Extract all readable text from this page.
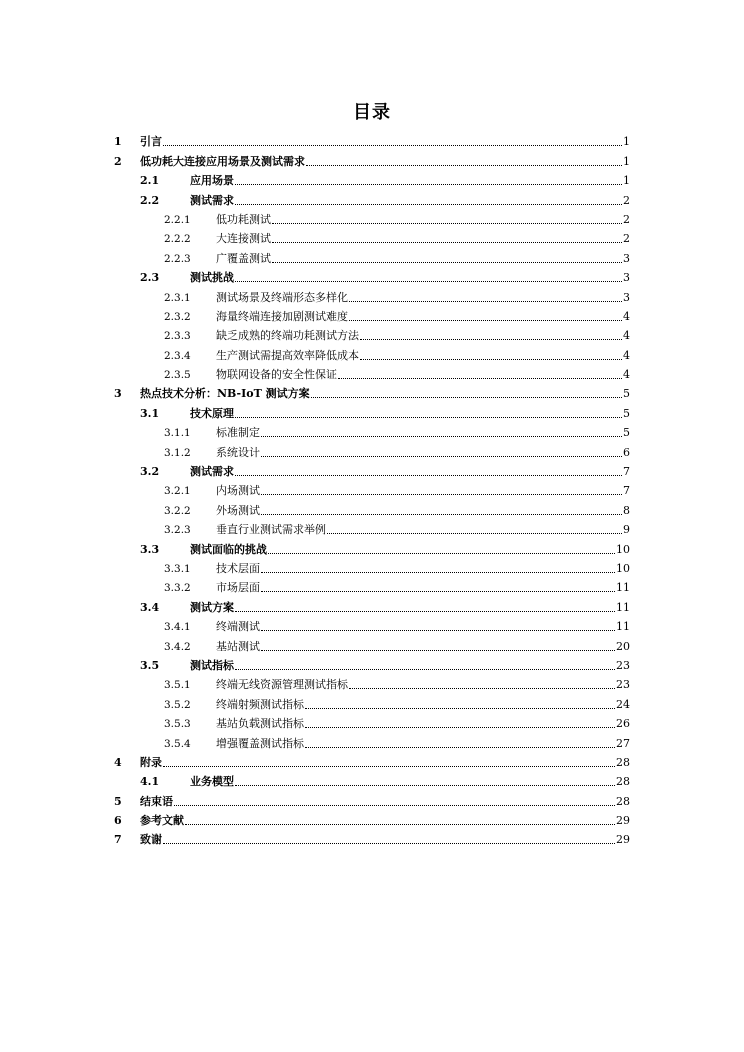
目录
1	引言	1
2	低功耗大连接应用场景及测试需求	1
2.1	应用场景	1
2.2	测试需求	2
2.2.1	低功耗测试	2
2.2.2	大连接测试	2
2.2.3	广覆盖测试	3
2.3	测试挑战	3
2.3.1	测试场景及终端形态多样化	3
2.3.2	海量终端连接加剧测试难度	4
2.3.3	缺乏成熟的终端功耗测试方法	4
2.3.4	生产测试需提高效率降低成本	4
2.3.5	物联网设备的安全性保证	4
3	热点技术分析：NB-IoT 测试方案	5
3.1	技术原理	5
3.1.1	标准制定	5
3.1.2	系统设计	6
3.2	测试需求	7
3.2.1	内场测试	7
3.2.2	外场测试	8
3.2.3	垂直行业测试需求举例	9
3.3	测试面临的挑战	10
3.3.1	技术层面	10
3.3.2	市场层面	11
3.4	测试方案	11
3.4.1	终端测试	11
3.4.2	基站测试	20
3.5	测试指标	23
3.5.1	终端无线资源管理测试指标	23
3.5.2	终端射频测试指标	24
3.5.3	基站负载测试指标	26
3.5.4	增强覆盖测试指标	27
4	附录	28
4.1	业务模型	28
5	结束语	28
6	参考文献	29
7	致谢	29
